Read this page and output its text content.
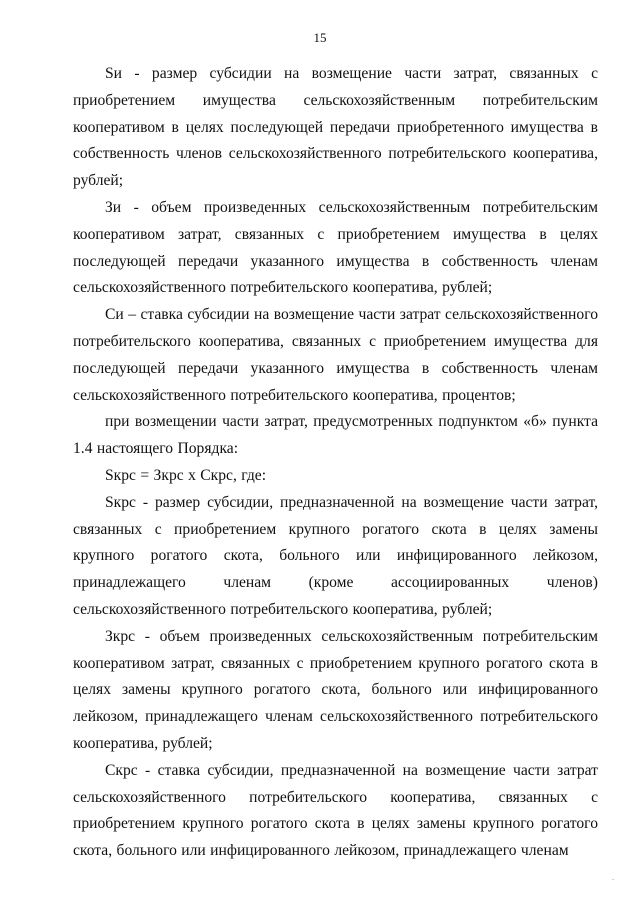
15

Sи - размер субсидии на возмещение части затрат, связанных с приобретением имущества сельскохозяйственным потребительским кооперативом в целях последующей передачи приобретенного имущества в собственность членов сельскохозяйственного потребительского кооператива, рублей;

Зи - объем произведенных сельскохозяйственным потребительским кооперативом затрат, связанных с приобретением имущества в целях последующей передачи указанного имущества в собственность членам сельскохозяйственного потребительского кооператива, рублей;

Си – ставка субсидии на возмещение части затрат сельскохозяйственного потребительского кооператива, связанных с приобретением имущества для последующей передачи указанного имущества в собственность членам сельскохозяйственного потребительского кооператива, процентов;

при возмещении части затрат, предусмотренных подпунктом «б» пункта 1.4 настоящего Порядка:

Sкрс = Зкрс x Скрс, где:

Sкрс - размер субсидии, предназначенной на возмещение части затрат, связанных с приобретением крупного рогатого скота в целях замены крупного рогатого скота, больного или инфицированного лейкозом, принадлежащего членам (кроме ассоциированных членов) сельскохозяйственного потребительского кооператива, рублей;

Зкрс - объем произведенных сельскохозяйственным потребительским кооперативом затрат, связанных с приобретением крупного рогатого скота в целях замены крупного рогатого скота, больного или инфицированного лейкозом, принадлежащего членам сельскохозяйственного потребительского кооператива, рублей;

Скрс - ставка субсидии, предназначенной на возмещение части затрат сельскохозяйственного потребительского кооператива, связанных с приобретением крупного рогатого скота в целях замены крупного рогатого скота, больного или инфицированного лейкозом, принадлежащего членам

.
